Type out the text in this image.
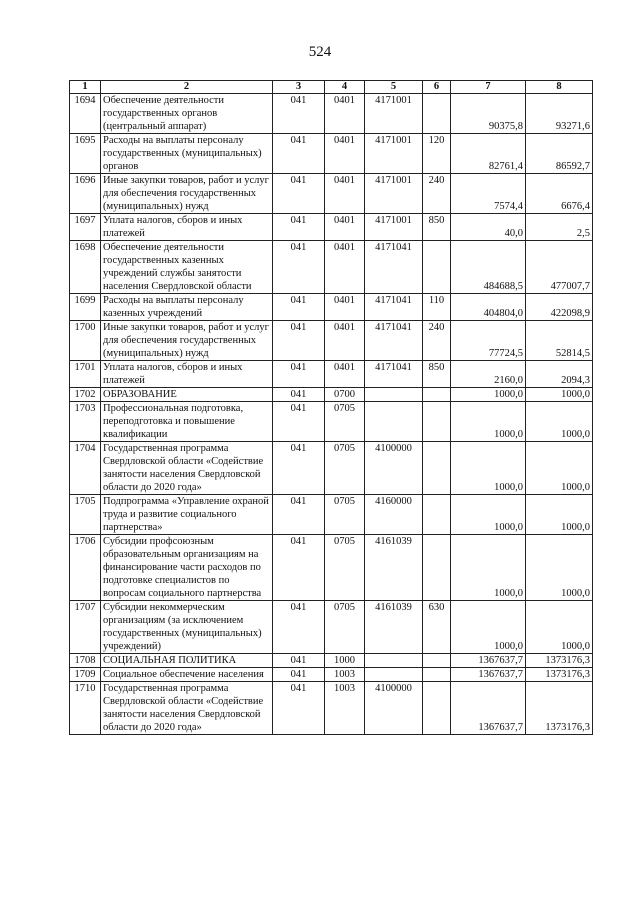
524
1	2	3	4	5	6	7	8
1694	Обеспечение деятельности государственных органов (центральный аппарат)	041	0401	4171001		90375,8	93271,6
1695	Расходы на выплаты персоналу государственных (муниципальных) органов	041	0401	4171001	120	82761,4	86592,7
1696	Иные закупки товаров, работ и услуг для обеспечения государственных (муниципальных) нужд	041	0401	4171001	240	7574,4	6676,4
1697	Уплата налогов, сборов и иных платежей	041	0401	4171001	850	40,0	2,5
1698	Обеспечение деятельности государственных казенных учреждений службы занятости населения Свердловской области	041	0401	4171041		484688,5	477007,7
1699	Расходы на выплаты персоналу казенных учреждений	041	0401	4171041	110	404804,0	422098,9
1700	Иные закупки товаров, работ и услуг для обеспечения государственных (муниципальных) нужд	041	0401	4171041	240	77724,5	52814,5
1701	Уплата налогов, сборов и иных платежей	041	0401	4171041	850	2160,0	2094,3
1702	ОБРАЗОВАНИЕ	041	0700			1000,0	1000,0
1703	Профессиональная подготовка, переподготовка и повышение квалификации	041	0705			1000,0	1000,0
1704	Государственная программа Свердловской области «Содействие занятости населения Свердловской области до 2020 года»	041	0705	4100000		1000,0	1000,0
1705	Подпрограмма «Управление охраной труда и развитие социального партнерства»	041	0705	4160000		1000,0	1000,0
1706	Субсидии профсоюзным образовательным организациям на финансирование части расходов по подготовке специалистов по вопросам социального партнерства	041	0705	4161039		1000,0	1000,0
1707	Субсидии некоммерческим организациям (за исключением государственных (муниципальных) учреждений)	041	0705	4161039	630	1000,0	1000,0
1708	СОЦИАЛЬНАЯ ПОЛИТИКА	041	1000			1367637,7	1373176,3
1709	Социальное обеспечение населения	041	1003			1367637,7	1373176,3
1710	Государственная программа Свердловской области «Содействие занятости населения Свердловской области до 2020 года»	041	1003	4100000		1367637,7	1373176,3
